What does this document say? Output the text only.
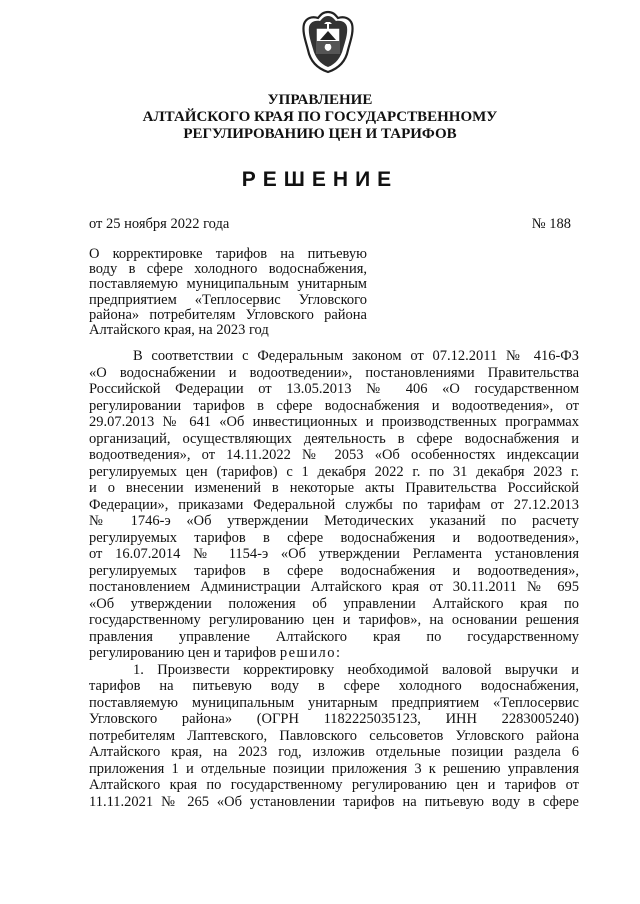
УПРАВЛЕНИЕ
АЛТАЙСКОГО КРАЯ ПО ГОСУДАРСТВЕННОМУ
РЕГУЛИРОВАНИЮ ЦЕН И ТАРИФОВ
РЕШЕНИЕ
от 25 ноября 2022 года	№ 188
О корректировке тарифов на питьевую
воду в сфере холодного водоснабжения,
поставляемую муниципальным унитарным
предприятием «Теплосервис Угловского
района» потребителям Угловского района
Алтайского края, на 2023 год
В соответствии с Федеральным законом от 07.12.2011 № 416-ФЗ
«О водоснабжении и водоотведении», постановлениями Правительства
Российской Федерации от 13.05.2013 № 406 «О государственном
регулировании тарифов в сфере водоснабжения и водоотведения», от
29.07.2013 № 641 «Об инвестиционных и производственных программах
организаций, осуществляющих деятельность в сфере водоснабжения и
водоотведения», от 14.11.2022 № 2053 «Об особенностях индексации
регулируемых цен (тарифов) с 1 декабря 2022 г. по 31 декабря 2023 г.
и о внесении изменений в некоторые акты Правительства Российской
Федерации», приказами Федеральной службы по тарифам от 27.12.2013
№ 1746-э «Об утверждении Методических указаний по расчету
регулируемых тарифов в сфере водоснабжения и водоотведения»,
от 16.07.2014 № 1154-э «Об утверждении Регламента установления
регулируемых тарифов в сфере водоснабжения и водоотведения»,
постановлением Администрации Алтайского края от 30.11.2011 № 695
«Об утверждении положения об управлении Алтайского края по
государственному регулированию цен и тарифов», на основании решения
правления управление Алтайского края по государственному
регулированию цен и тарифов решило:
1. Произвести корректировку необходимой валовой выручки и
тарифов на питьевую воду в сфере холодного водоснабжения,
поставляемую муниципальным унитарным предприятием «Теплосервис
Угловского района» (ОГРН 1182225035123, ИНН 2283005240)
потребителям Лаптевского, Павловского сельсоветов Угловского района
Алтайского края, на 2023 год, изложив отдельные позиции раздела 6
приложения 1 и отдельные позиции приложения 3 к решению управления
Алтайского края по государственному регулированию цен и тарифов от
11.11.2021 № 265 «Об установлении тарифов на питьевую воду в сфере
